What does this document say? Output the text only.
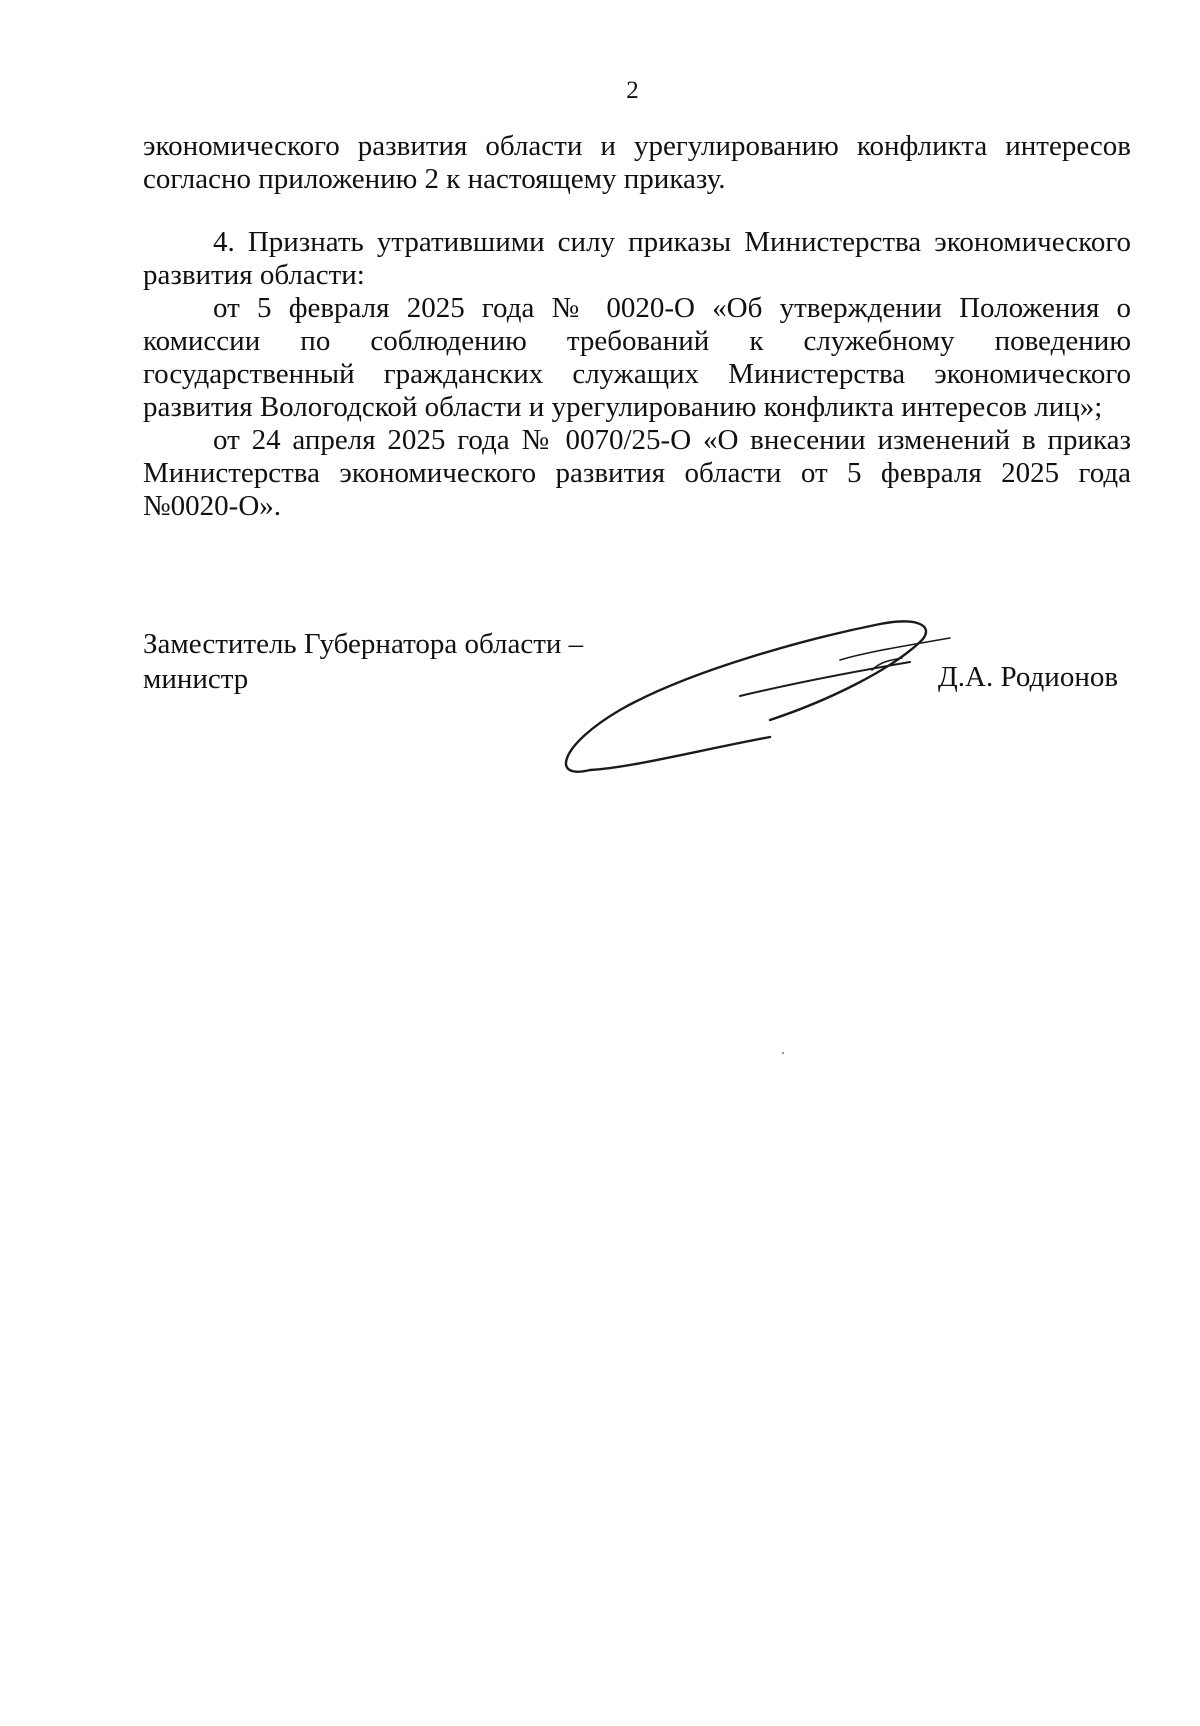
2

экономического развития области и урегулированию конфликта интересов согласно приложению 2 к настоящему приказу.

4. Признать утратившими силу приказы Министерства экономического развития области:

от 5 февраля 2025 года № 0020-О «Об утверждении Положения о комиссии по соблюдению требований к служебному поведению государственный гражданских служащих Министерства экономического развития Вологодской области и урегулированию конфликта интересов лиц»;

от 24 апреля 2025 года № 0070/25-О «О внесении изменений в приказ Министерства экономического развития области от 5 февраля 2025 года №0020-О».

Заместитель Губернатора области –
министр	Д.А. Родионов
